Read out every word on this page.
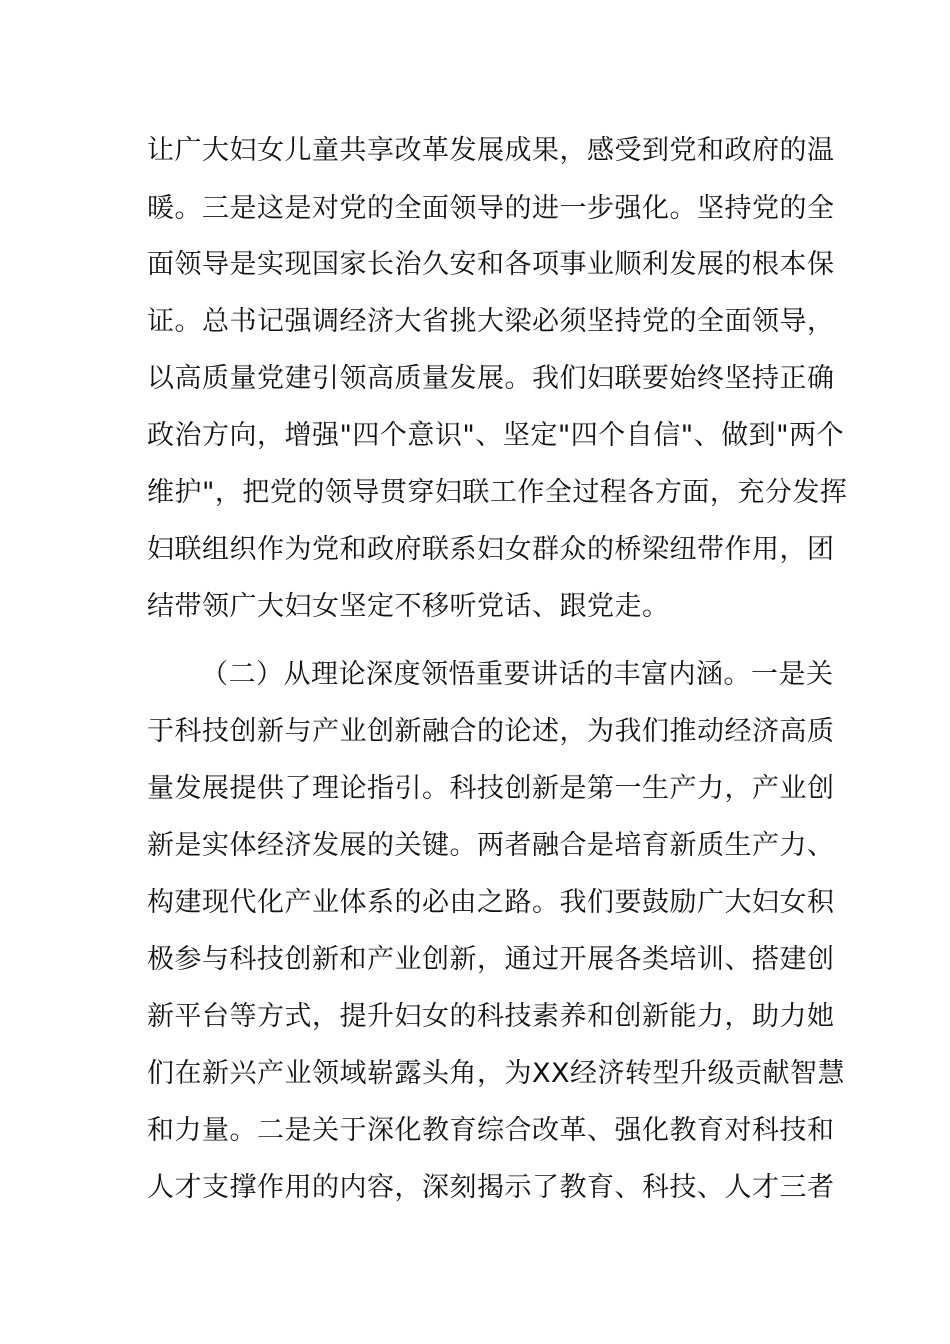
让广大妇女儿童共享改革发展成果，感受到党和政府的温
暖。三是这是对党的全面领导的进一步强化。坚持党的全
面领导是实现国家长治久安和各项事业顺利发展的根本保
证。总书记强调经济大省挑大梁必须坚持党的全面领导，
以高质量党建引领高质量发展。我们妇联要始终坚持正确
政治方向，增强"四个意识"、坚定"四个自信"、做到"两个
维护"，把党的领导贯穿妇联工作全过程各方面，充分发挥
妇联组织作为党和政府联系妇女群众的桥梁纽带作用，团
结带领广大妇女坚定不移听党话、跟党走。
（二）从理论深度领悟重要讲话的丰富内涵。一是关
于科技创新与产业创新融合的论述，为我们推动经济高质
量发展提供了理论指引。科技创新是第一生产力，产业创
新是实体经济发展的关键。两者融合是培育新质生产力、
构建现代化产业体系的必由之路。我们要鼓励广大妇女积
极参与科技创新和产业创新，通过开展各类培训、搭建创
新平台等方式，提升妇女的科技素养和创新能力，助力她
们在新兴产业领域崭露头角，为XX经济转型升级贡献智慧
和力量。二是关于深化教育综合改革、强化教育对科技和
人才支撑作用的内容，深刻揭示了教育、科技、人才三者
